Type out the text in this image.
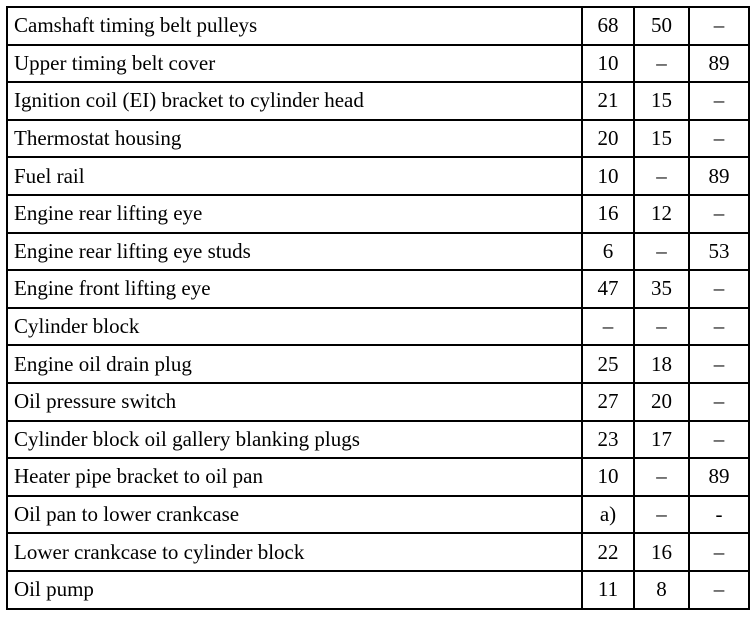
Camshaft timing belt pulleys	68	50	–
Upper timing belt cover	10	–	89
Ignition coil (EI) bracket to cylinder head	21	15	–
Thermostat housing	20	15	–
Fuel rail	10	–	89
Engine rear lifting eye	16	12	–
Engine rear lifting eye studs	6	–	53
Engine front lifting eye	47	35	–
Cylinder block	–	–	–
Engine oil drain plug	25	18	–
Oil pressure switch	27	20	–
Cylinder block oil gallery blanking plugs	23	17	–
Heater pipe bracket to oil pan	10	–	89
Oil pan to lower crankcase	a)	–	-
Lower crankcase to cylinder block	22	16	–
Oil pump	11	8	–
